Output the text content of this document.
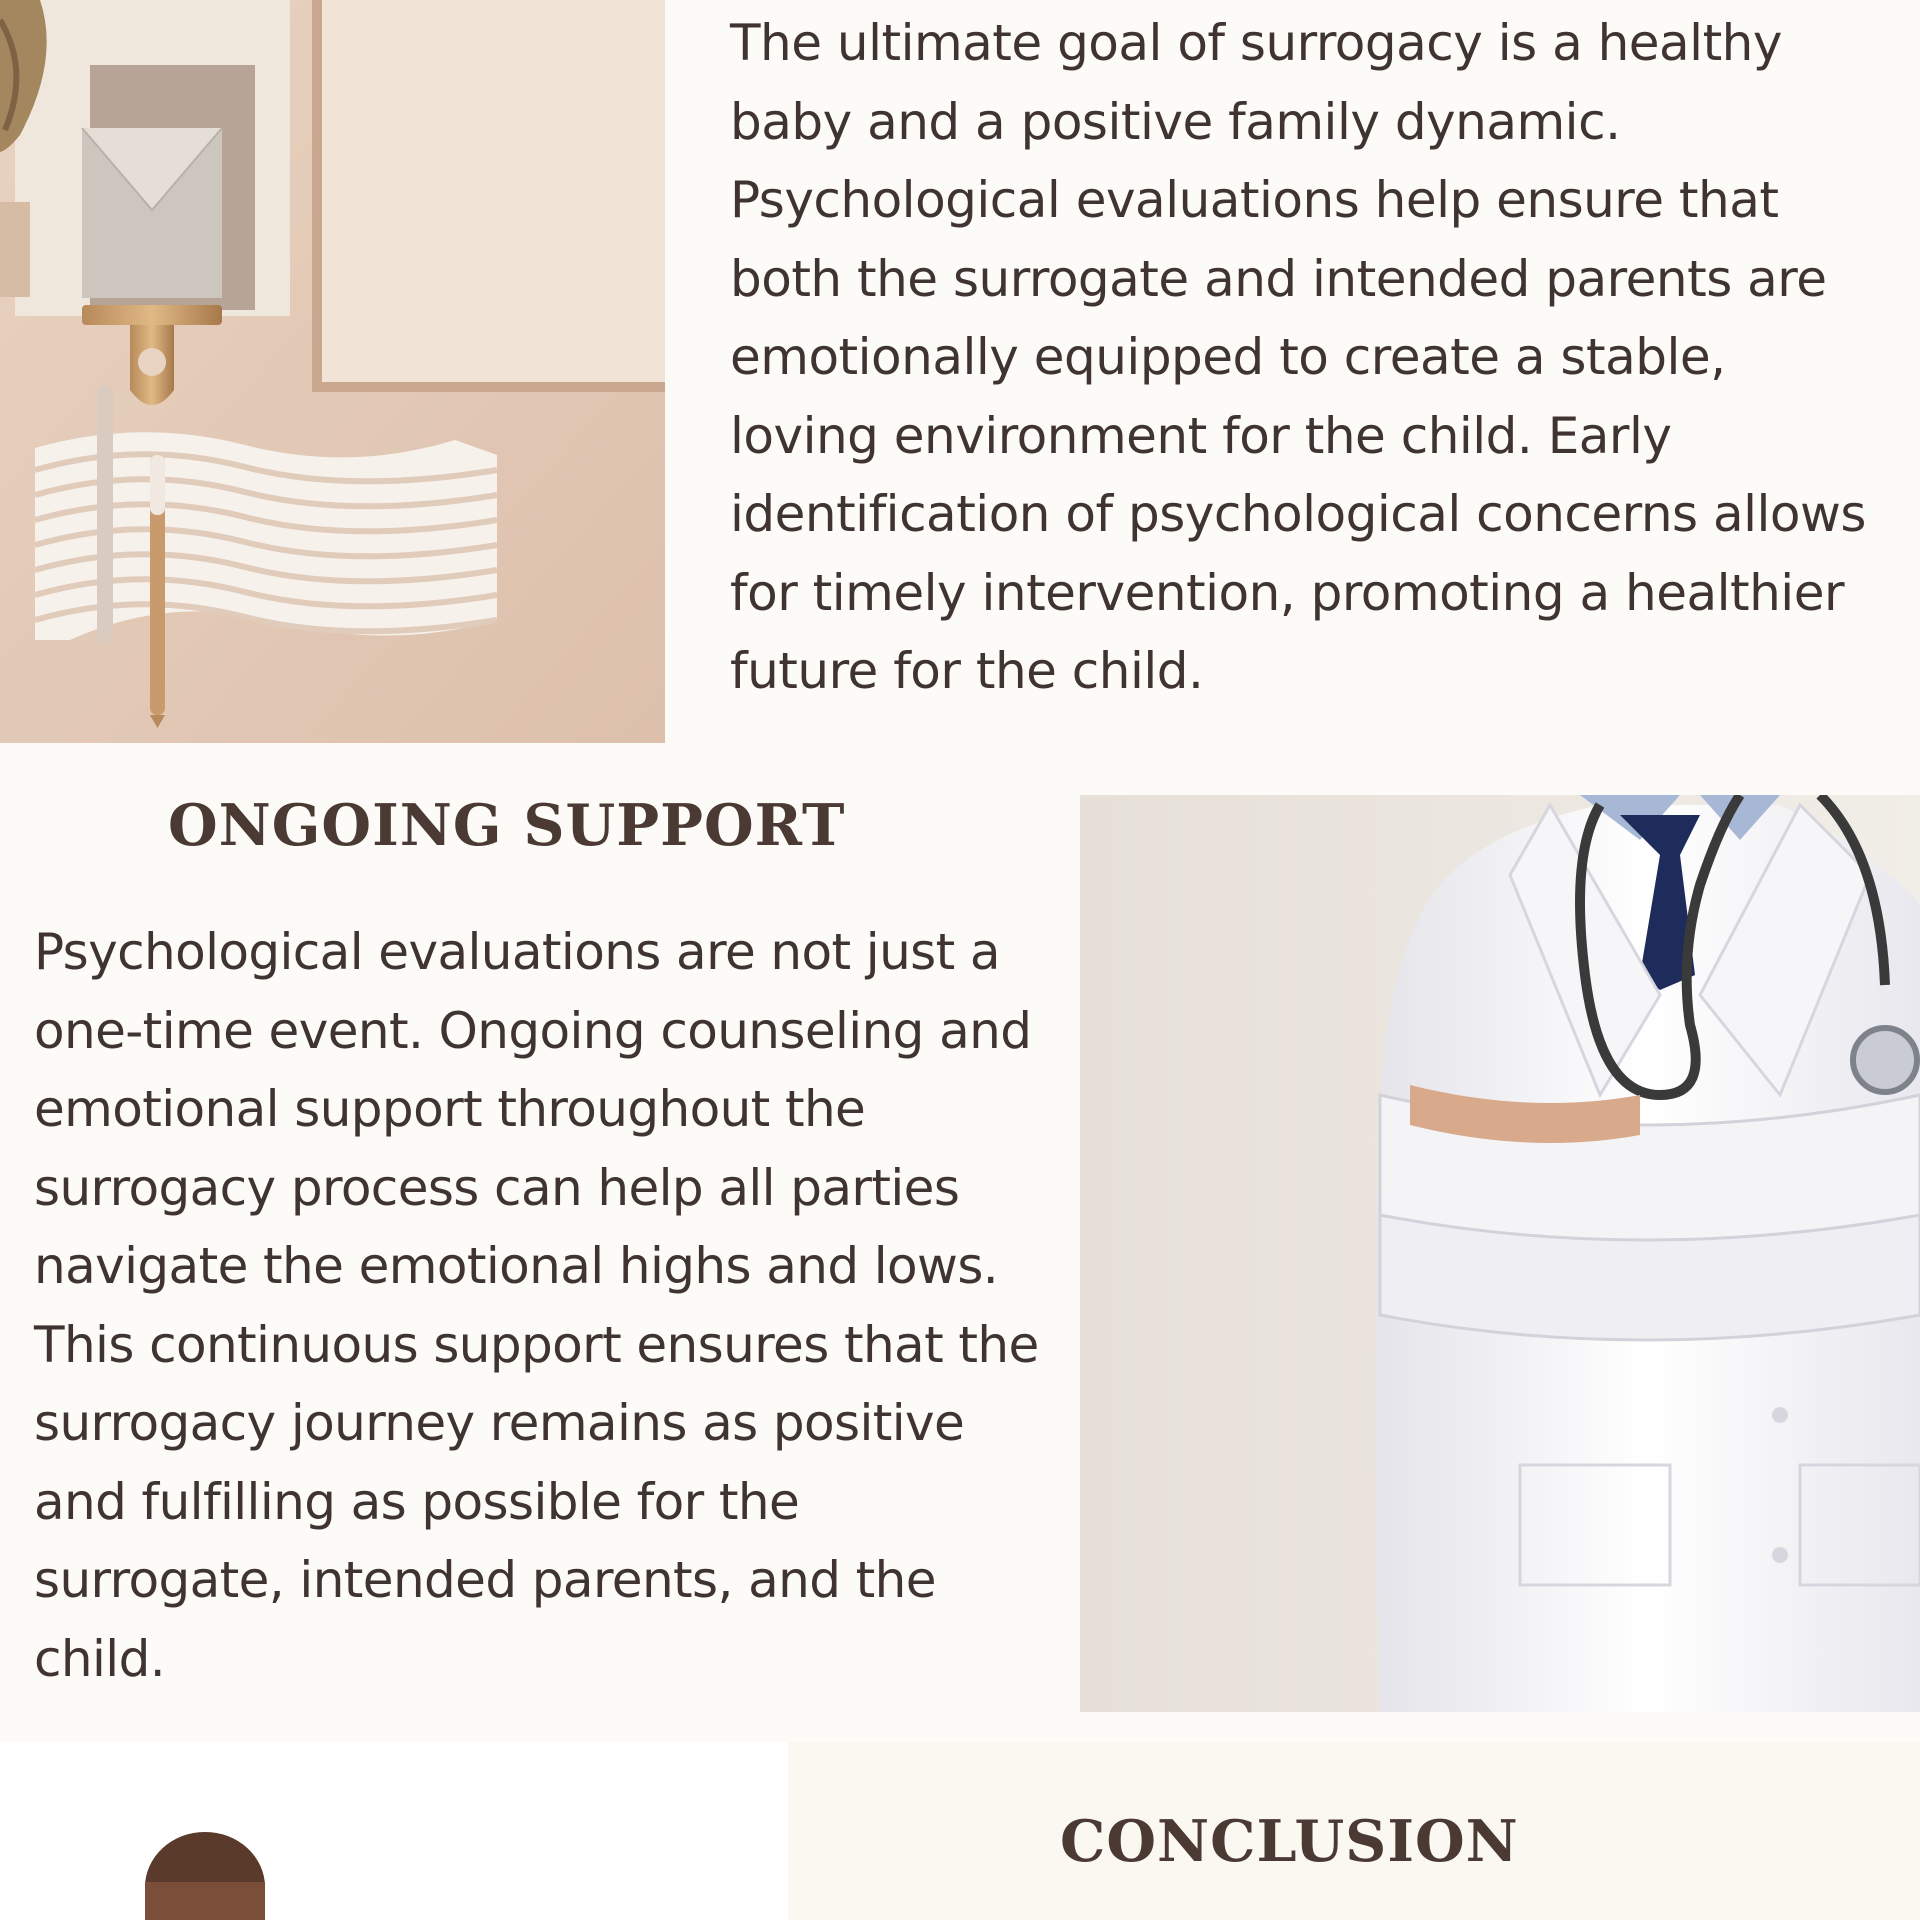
The ultimate goal of surrogacy is a healthy baby and a positive family dynamic. Psychological evaluations help ensure that both the surrogate and intended parents are emotionally equipped to create a stable, loving environment for the child. Early identification of psychological concerns allows for timely intervention, promoting a healthier future for the child.

ONGOING SUPPORT

Psychological evaluations are not just a one-time event. Ongoing counseling and emotional support throughout the surrogacy process can help all parties navigate the emotional highs and lows. This continuous support ensures that the surrogacy journey remains as positive and fulfilling as possible for the surrogate, intended parents, and the child.

CONCLUSION
